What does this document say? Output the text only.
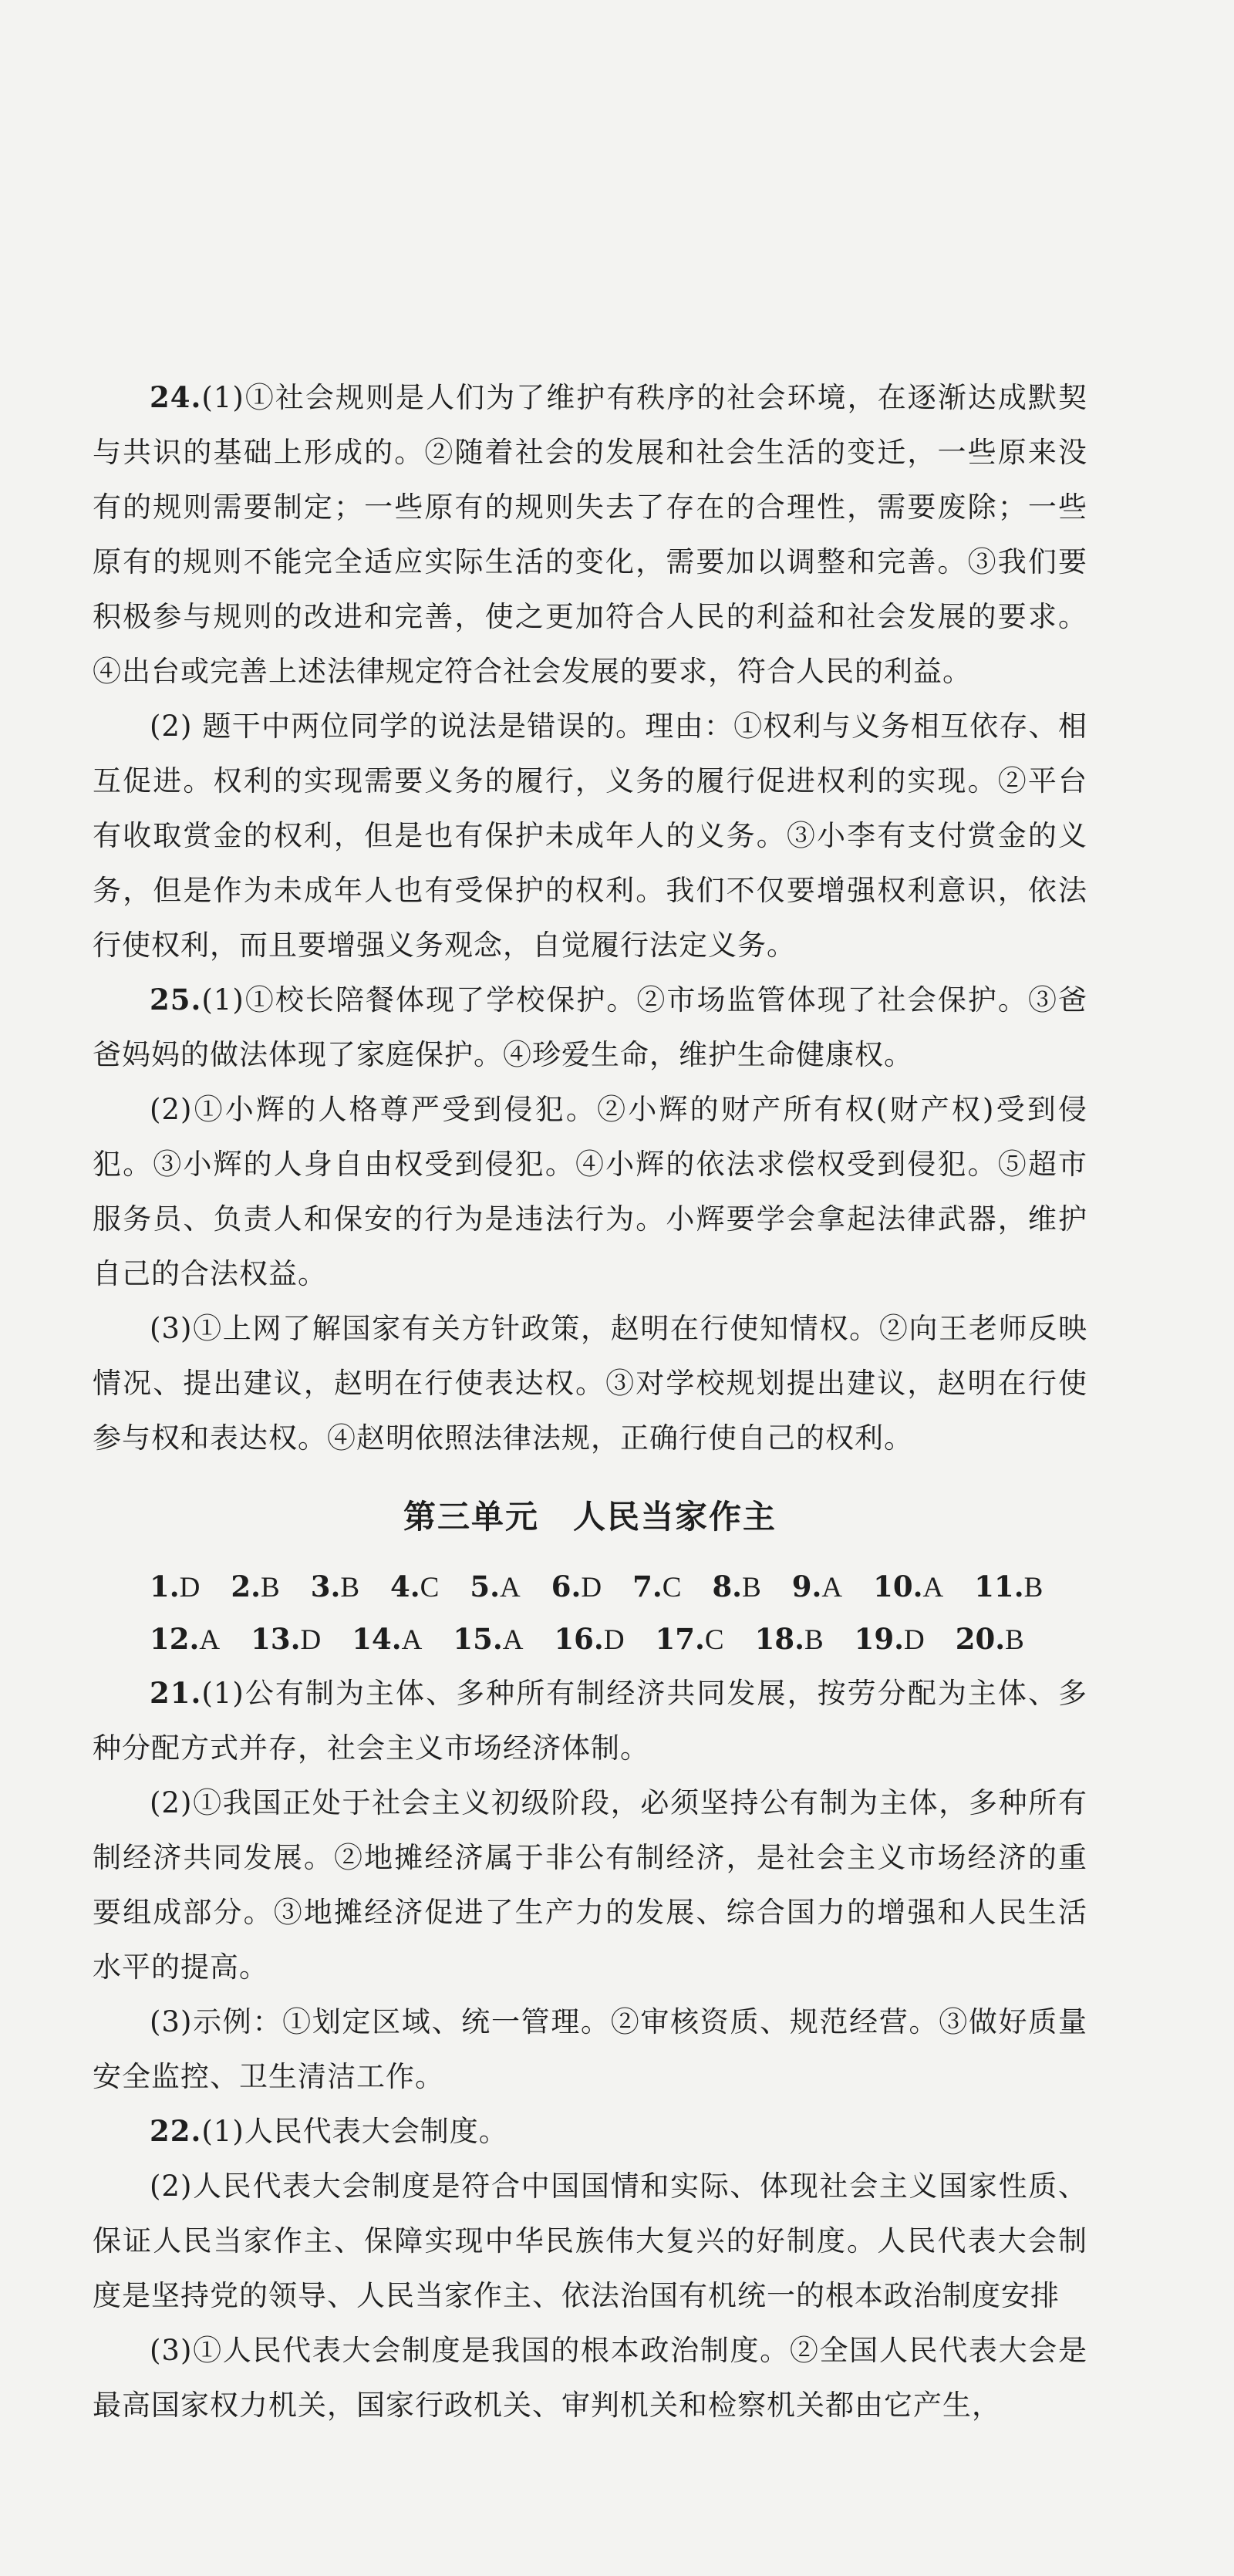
24.(1)①社会规则是人们为了维护有秩序的社会环境，在逐渐达成默契与共识的基础上形成的。②随着社会的发展和社会生活的变迁，一些原来没有的规则需要制定；一些原有的规则失去了存在的合理性，需要废除；一些原有的规则不能完全适应实际生活的变化，需要加以调整和完善。③我们要积极参与规则的改进和完善，使之更加符合人民的利益和社会发展的要求。④出台或完善上述法律规定符合社会发展的要求，符合人民的利益。

(2) 题干中两位同学的说法是错误的。理由：①权利与义务相互依存、相互促进。权利的实现需要义务的履行，义务的履行促进权利的实现。②平台有收取赏金的权利，但是也有保护未成年人的义务。③小李有支付赏金的义务，但是作为未成年人也有受保护的权利。我们不仅要增强权利意识，依法行使权利，而且要增强义务观念，自觉履行法定义务。

25.(1)①校长陪餐体现了学校保护。②市场监管体现了社会保护。③爸爸妈妈的做法体现了家庭保护。④珍爱生命，维护生命健康权。

(2)①小辉的人格尊严受到侵犯。②小辉的财产所有权(财产权)受到侵犯。③小辉的人身自由权受到侵犯。④小辉的依法求偿权受到侵犯。⑤超市服务员、负责人和保安的行为是违法行为。小辉要学会拿起法律武器，维护自己的合法权益。

(3)①上网了解国家有关方针政策，赵明在行使知情权。②向王老师反映情况、提出建议，赵明在行使表达权。③对学校规划提出建议，赵明在行使参与权和表达权。④赵明依照法律法规，正确行使自己的权利。

第三单元　人民当家作主
1.D 2.B 3.B 4.C 5.A 6.D 7.C 8.B 9.A 10.A 11.B
12.A 13.D 14.A 15.A 16.D 17.C 18.B 19.D 20.B

21.(1)公有制为主体、多种所有制经济共同发展，按劳分配为主体、多种分配方式并存，社会主义市场经济体制。

(2)①我国正处于社会主义初级阶段，必须坚持公有制为主体，多种所有制经济共同发展。②地摊经济属于非公有制经济，是社会主义市场经济的重要组成部分。③地摊经济促进了生产力的发展、综合国力的增强和人民生活水平的提高。

(3)示例：①划定区域、统一管理。②审核资质、规范经营。③做好质量安全监控、卫生清洁工作。

22.(1)人民代表大会制度。

(2)人民代表大会制度是符合中国国情和实际、体现社会主义国家性质、保证人民当家作主、保障实现中华民族伟大复兴的好制度。人民代表大会制度是坚持党的领导、人民当家作主、依法治国有机统一的根本政治制度安排

(3)①人民代表大会制度是我国的根本政治制度。②全国人民代表大会是最高国家权力机关，国家行政机关、审判机关和检察机关都由它产生，
